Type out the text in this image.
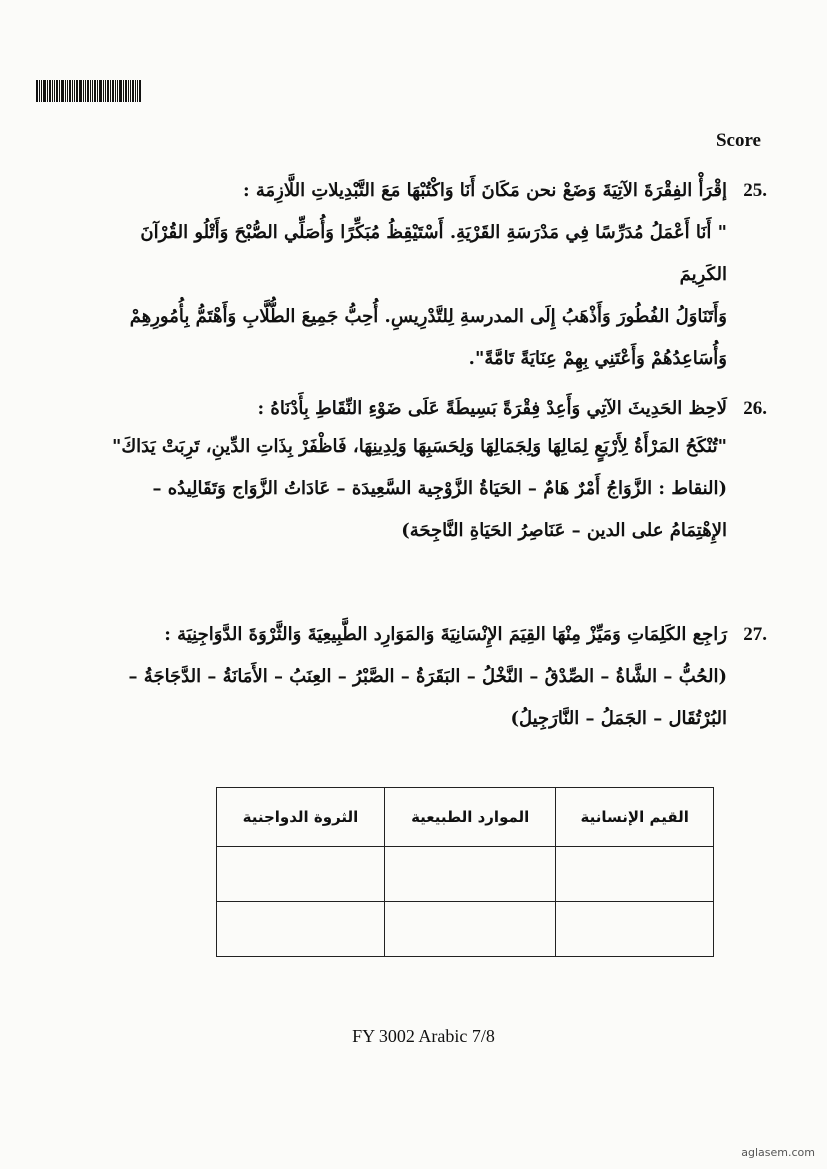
Score
25.
إقْرَأْ الفِقْرَةَ الآتِيَةَ وَضَعْ نحن مَكَانَ أَنَا وَاكْتُبْهَا مَعَ التَّبْدِيلاتِ اللَّازِمَة :
" أَنَا أَعْمَلُ مُدَرِّسًا فِي مَدْرَسَةِ القَرْيَةِ. أَسْتَيْقِظُ مُبَكِّرًا وَأُصَلِّي الصُّبْحَ وَأَتْلُو القُرْآنَ الكَرِيمَ
وَأَتَنَاوَلُ الفُطُورَ وَأَذْهَبُ إِلَى المدرسةِ لِلتَّدْرِيسِ. أُحِبُّ جَمِيعَ الطُّلَّابِ وَأَهْتَمُّ بِأُمُورِهِمْ
وَأُسَاعِدُهُمْ وَأَعْتَنِي بِهِمْ عِنَايَةً تَامَّةً".
26.
لَاحِظ الحَدِيثَ الآتِي وَأَعِدْ فِقْرَةً بَسِيطَةً عَلَى ضَوْءِ النِّقَاطِ بِأَدْنَاهُ :
"تُنْكَحُ المَرْأَةُ لِأَرْبَعٍ لِمَالِهَا وَلِجَمَالِهَا وَلِحَسَبِهَا وَلِدِينِهَا، فَاظْفَرْ بِذَاتِ الدِّينِ، تَرِبَتْ يَدَاكَ"
(النقاط : الزَّوَاجُ أَمْرٌ هَامٌ – الحَيَاةُ الزَّوْجِية السَّعِيدَة – عَادَاتُ الزَّوَاج وَتَقَالِيدُه –
الإِهْتِمَامُ على الدين – عَنَاصِرُ الحَيَاةِ النَّاجِحَة)
27.
رَاجِع الكَلِمَاتِ وَمَيِّزْ مِنْهَا القِيَمَ الإِنْسَانِيَةَ وَالمَوَارِد الطَّبِيعِيَةَ وَالثَّرْوَةَ الدَّوَاجِنِيَة :
(الحُبُّ – الشَّاةُ – الصِّدْقُ – النَّخْلُ – البَقَرَةُ – الصَّبْرُ – العِنَبُ – الأَمَانَةُ – الدَّجَاجَةُ –
البُرْتُقَال – الجَمَلُ – النَّارَجِيلُ)
القيم الإنسانية	الموارد الطبيعية	الثروة الدواجنية

FY 3002 Arabic 7/8
aglasem.com
